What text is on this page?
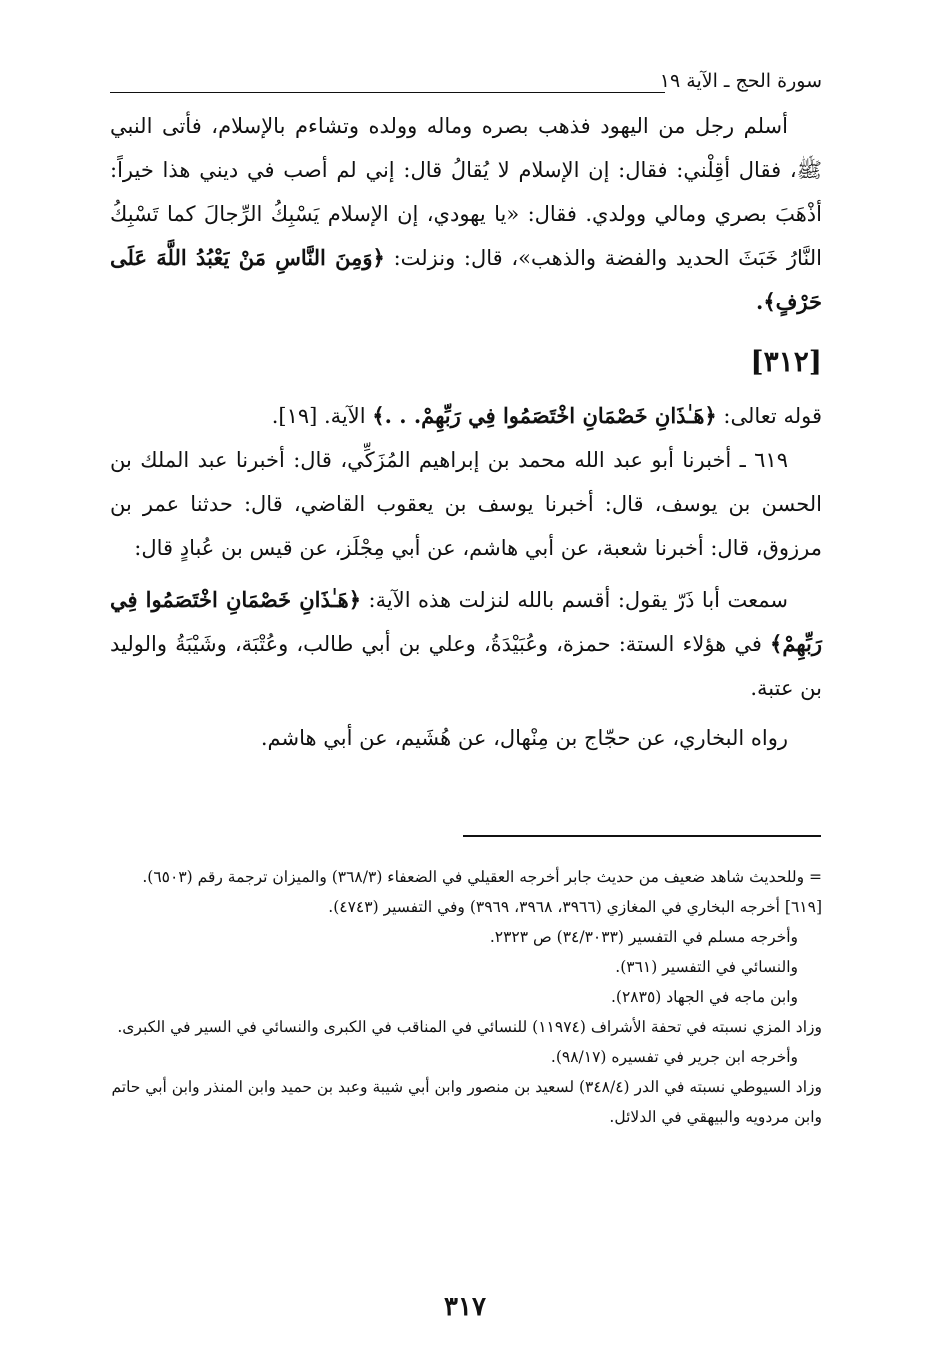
سورة الحج ـ الآية ١٩

أسلم رجل من اليهود فذهب بصره وماله وولده وتشاءم بالإسلام، فأتى النبي ﷺ، فقال أقِلْني: فقال: إن الإسلام لا يُقالُ قال: إني لم أصب في ديني هذا خيراً: أذْهَبَ بصري ومالي وولدي. فقال: «يا يهودي، إن الإسلام يَسْبِكُ الرِّجالَ كما تَسْبِكُ النَّارُ خَبَثَ الحديد والفضة والذهب»، قال: ونزلت: ﴿وَمِنَ النَّاسِ مَنْ يَعْبُدُ اللَّهَ عَلَى حَرْفٍ﴾.

[٣١٢]

قوله تعالى: ﴿هَـٰذَانِ خَصْمَانِ اخْتَصَمُوا فِي رَبِّهِمْ. . .﴾ الآية. [١٩].

٦١٩ ـ أخبرنا أبو عبد الله محمد بن إبراهيم المُزَكِّي، قال: أخبرنا عبد الملك بن الحسن بن يوسف، قال: أخبرنا يوسف بن يعقوب القاضي، قال: حدثنا عمر بن مرزوق، قال: أخبرنا شعبة، عن أبي هاشم، عن أبي مِجْلَز، عن قيس بن عُبادٍ قال:

سمعت أبا ذَرّ يقول: أقسم بالله لنزلت هذه الآية: ﴿هَـٰذَانِ خَصْمَانِ اخْتَصَمُوا فِي رَبِّهِمْ﴾ في هؤلاء الستة: حمزة، وعُبَيْدَةُ، وعلي بن أبي طالب، وعُتْبَة، وشَيْبَةُ والوليد بن عتبة.

رواه البخاري، عن حجّاج بن مِنْهال، عن هُشَيم، عن أبي هاشم.

= وللحديث شاهد ضعيف من حديث جابر أخرجه العقيلي في الضعفاء (٣٦٨/٣) والميزان ترجمة رقم (٦٥٠٣).

[٦١٩] أخرجه البخاري في المغازي (٣٩٦٦، ٣٩٦٨، ٣٩٦٩) وفي التفسير (٤٧٤٣).

وأخرجه مسلم في التفسير (٣٤/٣٠٣٣) ص ٢٣٢٣.

والنسائي في التفسير (٣٦١).

وابن ماجه في الجهاد (٢٨٣٥).

وزاد المزي نسبته في تحفة الأشراف (١١٩٧٤) للنسائي في المناقب في الكبرى والنسائي في السير في الكبرى.

وأخرجه ابن جرير في تفسيره (٩٨/١٧).

وزاد السيوطي نسبته في الدر (٣٤٨/٤) لسعيد بن منصور وابن أبي شيبة وعبد بن حميد وابن المنذر وابن أبي حاتم وابن مردويه والبيهقي في الدلائل.

٣١٧
